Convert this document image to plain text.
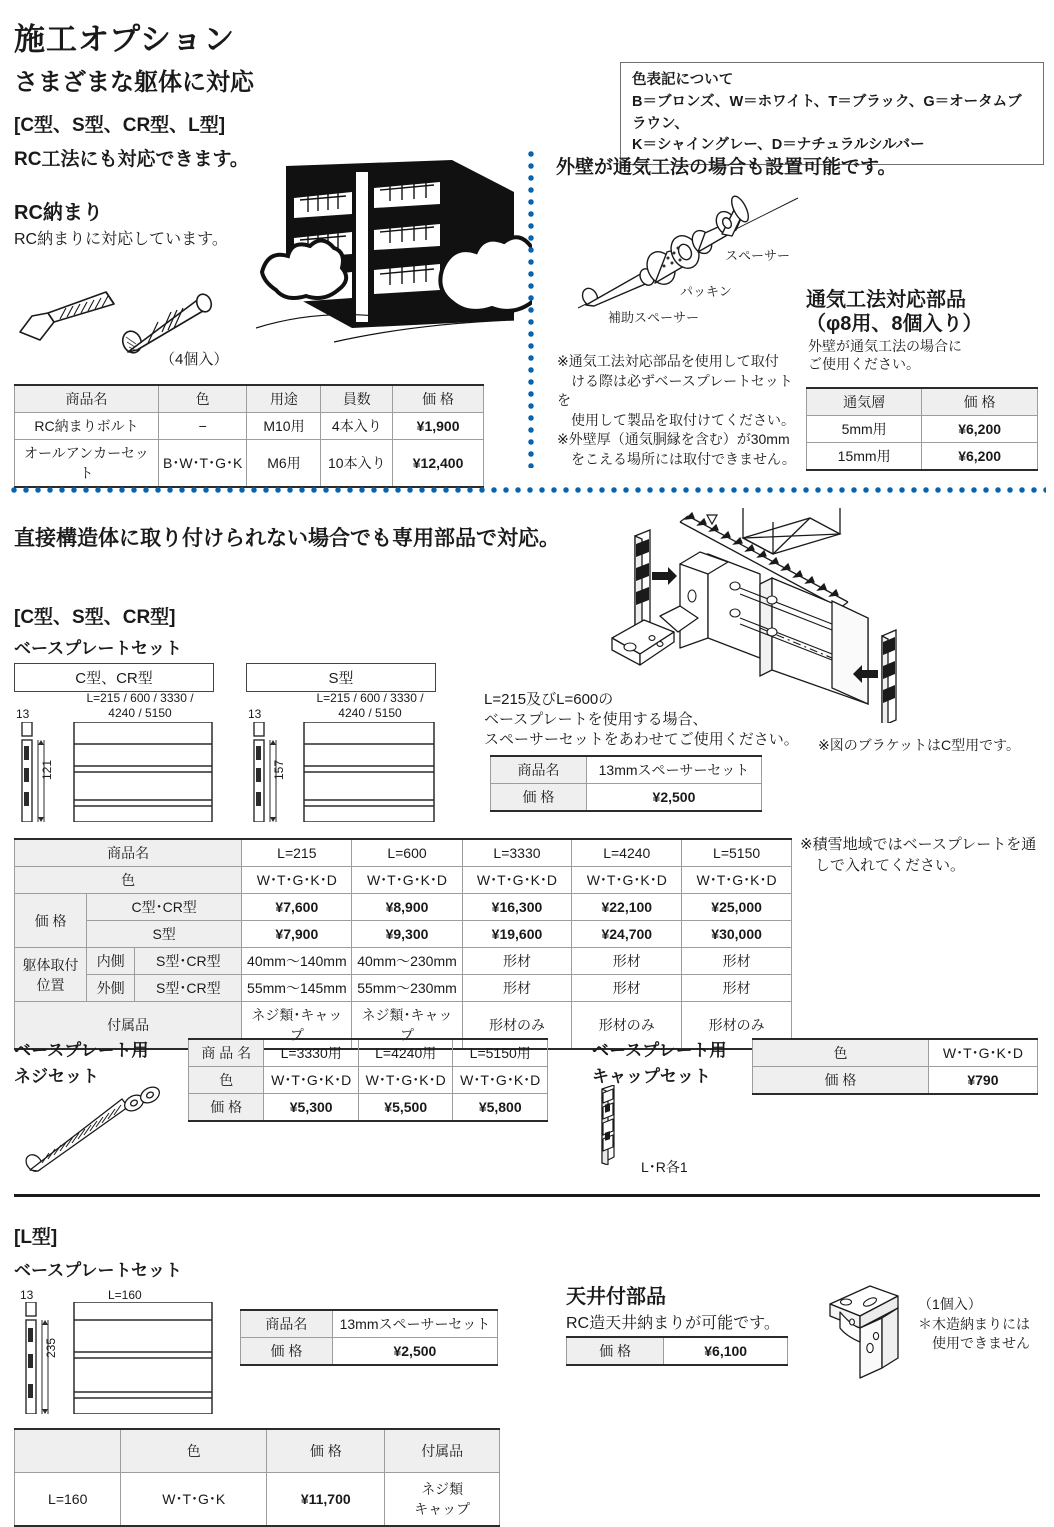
施工オプション
さまざまな躯体に対応
[C型、S型、CR型、L型]
RC工法にも対応できます。
色表記について
B＝ブロンズ、W＝ホワイト、T＝ブラック、G＝オータムブラウン、
K＝シャイングレー、D＝ナチュラルシルバー
RC納まり
RC納まりに対応しています。
（4個入）
商品名	色	用途	員数	価 格
RC納まりボルト	−	M10用	4本入り	¥1,900
オールアンカーセット	B･W･T･G･K	M6用	10本入り	¥12,400
外壁が通気工法の場合も設置可能です。
スペーサー
パッキン
補助スペーサー
※通気工法対応部品を使用して取付
　ける際は必ずベースプレートセットを
　使用して製品を取付けてください。
※外壁厚（通気胴縁を含む）が30mm
　をこえる場所には取付できません。
通気工法対応部品
（φ8用、8個入り）
外壁が通気工法の場合に
ご使用ください。
通気層	価 格
5mm用	¥6,200
15mm用	¥6,200
直接構造体に取り付けられない場合でも専用部品で対応。
[C型、S型、CR型]
ベースプレートセット
C型、CR型
L=215 / 600 / 3330 /
4240 / 5150
13
121
S型
L=215 / 600 / 3330 /
4240 / 5150
13
157
L=215及びL=600の
ベースプレートを使用する場合、
スペーサーセットをあわせてご使用ください。
商品名	13mmスペーサーセット
価 格	¥2,500
※図のブラケットはC型用です。
商品名			L=215	L=600	L=3330	L=4240	L=5150
色			W･T･G･K･D	W･T･G･K･D	W･T･G･K･D	W･T･G･K･D	W･T･G･K･D
価 格	C型･CR型		¥7,600	¥8,900	¥16,300	¥22,100	¥25,000
	S型		¥7,900	¥9,300	¥19,600	¥24,700	¥30,000

躯体取付
位置	内側	S型･CR型	40mm〜140mm	40mm〜230mm	形材	形材	形材
	外側	S型･CR型	55mm〜145mm	55mm〜230mm	形材	形材	形材
付属品			ネジ類･キャップ	ネジ類･キャップ	形材のみ	形材のみ	形材のみ
※積雪地域ではベースプレートを通
　しで入れてください。
ベースプレート用
ネジセット
商 品 名	L=3330用	L=4240用	L=5150用
色	W･T･G･K･D	W･T･G･K･D	W･T･G･K･D
価 格	¥5,300	¥5,500	¥5,800
ベースプレート用
キャップセット
L･R各1
色	W･T･G･K･D
価 格	¥790
[L型]
ベースプレートセット
13	L=160
235
商品名	13mmスペーサーセット
価 格	¥2,500
天井付部品
RC造天井納まりが可能です。
価 格	¥6,100
（1個入）
＊木造納まりには
　使用できません
	色	価 格	付属品
L=160	W･T･G･K	¥11,700	ネジ類
キャップ
